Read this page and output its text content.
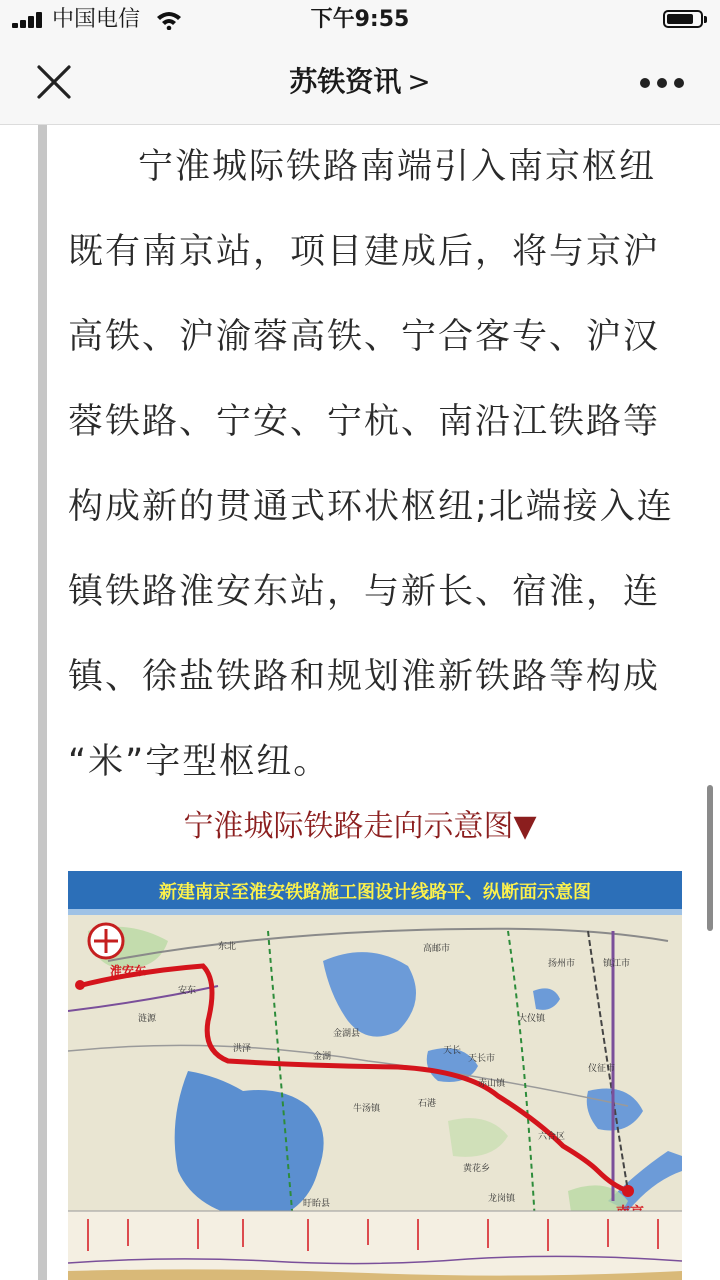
中国电信	下午9:55
苏铁资讯 >
宁淮城际铁路南端引入南京枢纽
既有南京站，项目建成后，将与京沪
高铁、沪渝蓉高铁、宁合客专、沪汉
蓉铁路、宁安、宁杭、南沿江铁路等
构成新的贯通式环状枢纽;北端接入连
镇铁路淮安东站，与新长、宿淮，连
镇、徐盐铁路和规划淮新铁路等构成
“米”字型枢纽。
宁淮城际铁路走向示意图▼
新建南京至淮安铁路施工图设计线路平、纵断面示意图
淮安东
东北
安东
涟源
高邮市
扬州市	镇江市
大仪镇
金湖	天长市
金湖县
盱眙县
六合区
洪泽
石港
牛汤镇
赤山镇
天长
黄花乡
龙岗镇
仪征市
